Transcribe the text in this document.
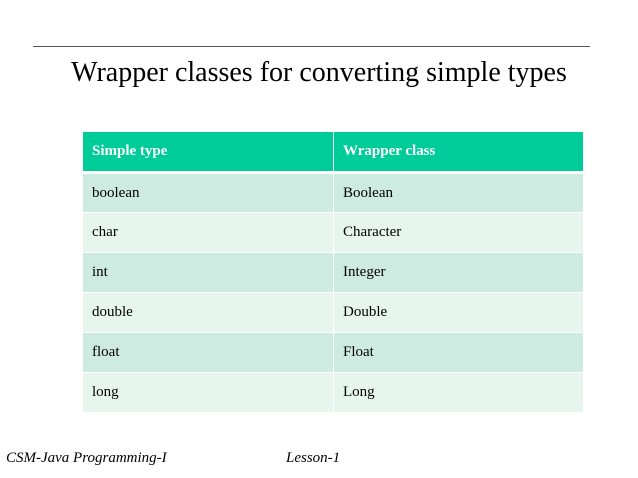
Wrapper classes for converting simple types
Simple type	Wrapper class
boolean	Boolean
char	Character
int	Integer
double	Double
float	Float
long	Long
CSM-Java Programming-I	Lesson-1
